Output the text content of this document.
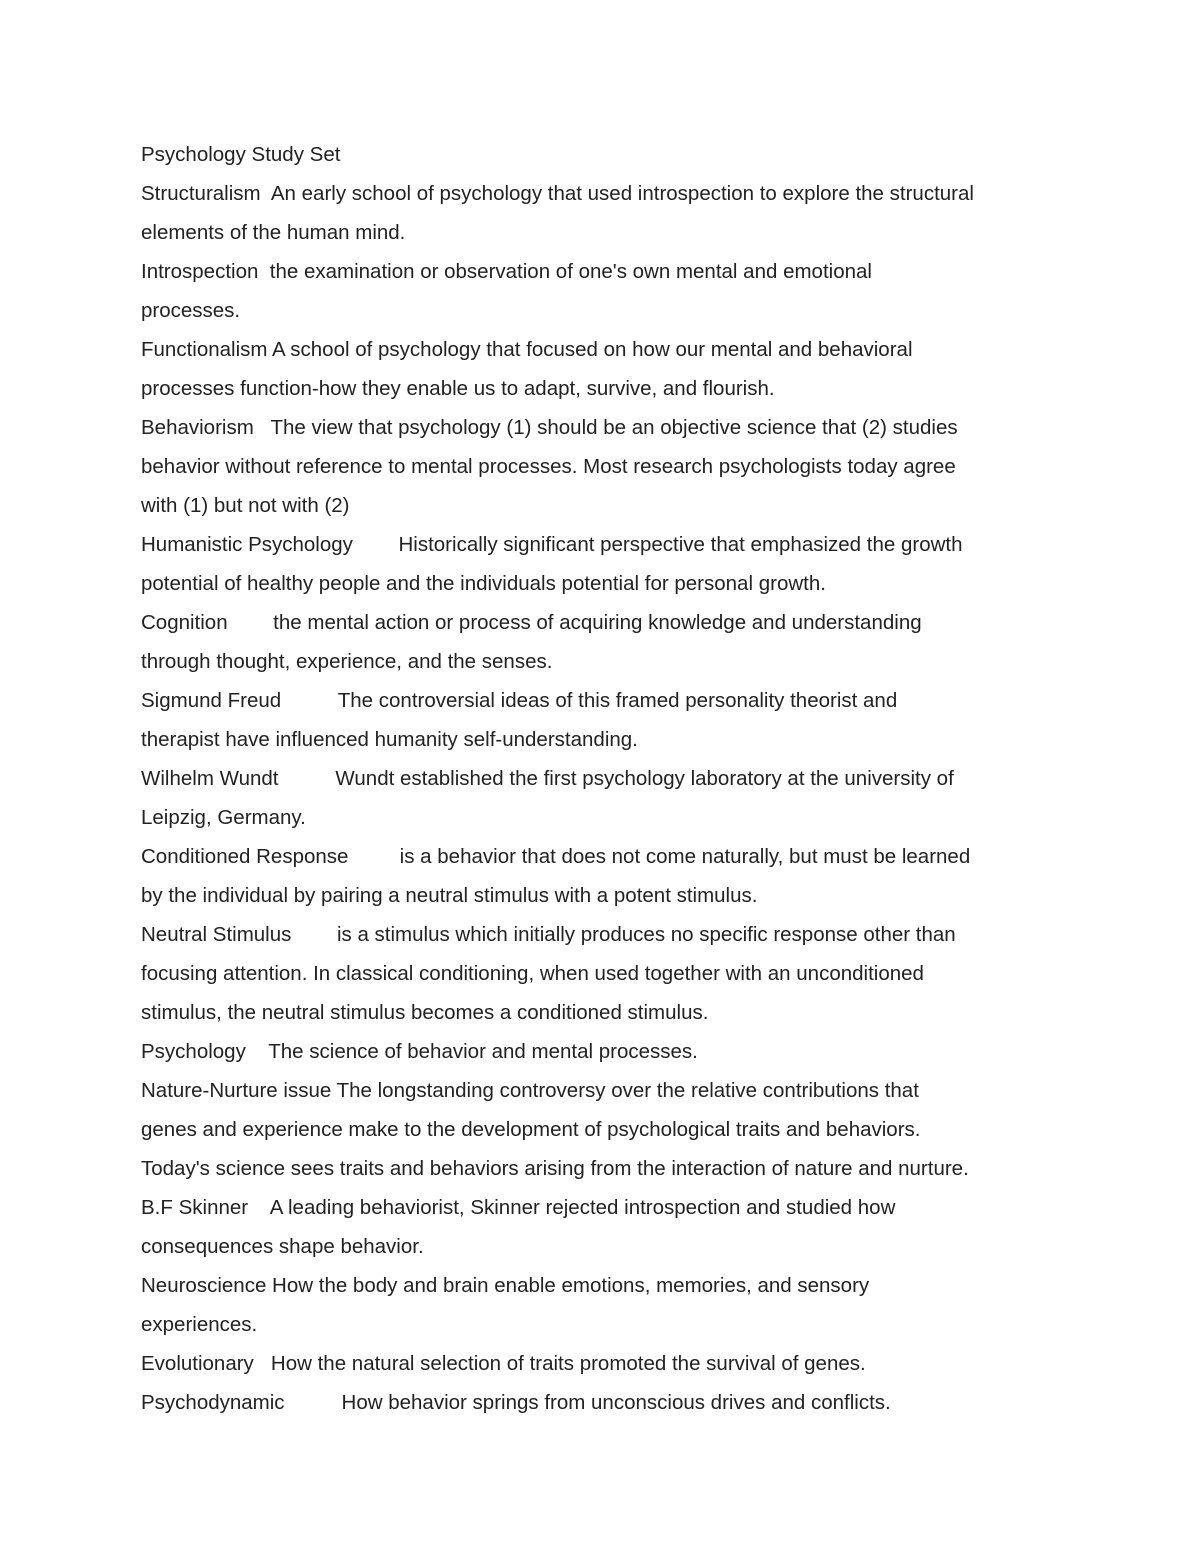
Psychology Study Set
Structuralism  An early school of psychology that used introspection to explore the structural
elements of the human mind.
Introspection  the examination or observation of one's own mental and emotional
processes.
Functionalism A school of psychology that focused on how our mental and behavioral
processes function-how they enable us to adapt, survive, and flourish.
Behaviorism   The view that psychology (1) should be an objective science that (2) studies
behavior without reference to mental processes. Most research psychologists today agree
with (1) but not with (2)
Humanistic Psychology        Historically significant perspective that emphasized the growth
potential of healthy people and the individuals potential for personal growth.
Cognition        the mental action or process of acquiring knowledge and understanding
through thought, experience, and the senses.
Sigmund Freud          The controversial ideas of this framed personality theorist and
therapist have influenced humanity self-understanding.
Wilhelm Wundt          Wundt established the first psychology laboratory at the university of
Leipzig, Germany.
Conditioned Response         is a behavior that does not come naturally, but must be learned
by the individual by pairing a neutral stimulus with a potent stimulus.
Neutral Stimulus        is a stimulus which initially produces no specific response other than
focusing attention. In classical conditioning, when used together with an unconditioned
stimulus, the neutral stimulus becomes a conditioned stimulus.
Psychology    The science of behavior and mental processes.
Nature-Nurture issue The longstanding controversy over the relative contributions that
genes and experience make to the development of psychological traits and behaviors.
Today's science sees traits and behaviors arising from the interaction of nature and nurture.
B.F Skinner    A leading behaviorist, Skinner rejected introspection and studied how
consequences shape behavior.
Neuroscience How the body and brain enable emotions, memories, and sensory
experiences.
Evolutionary   How the natural selection of traits promoted the survival of genes.
Psychodynamic          How behavior springs from unconscious drives and conflicts.
